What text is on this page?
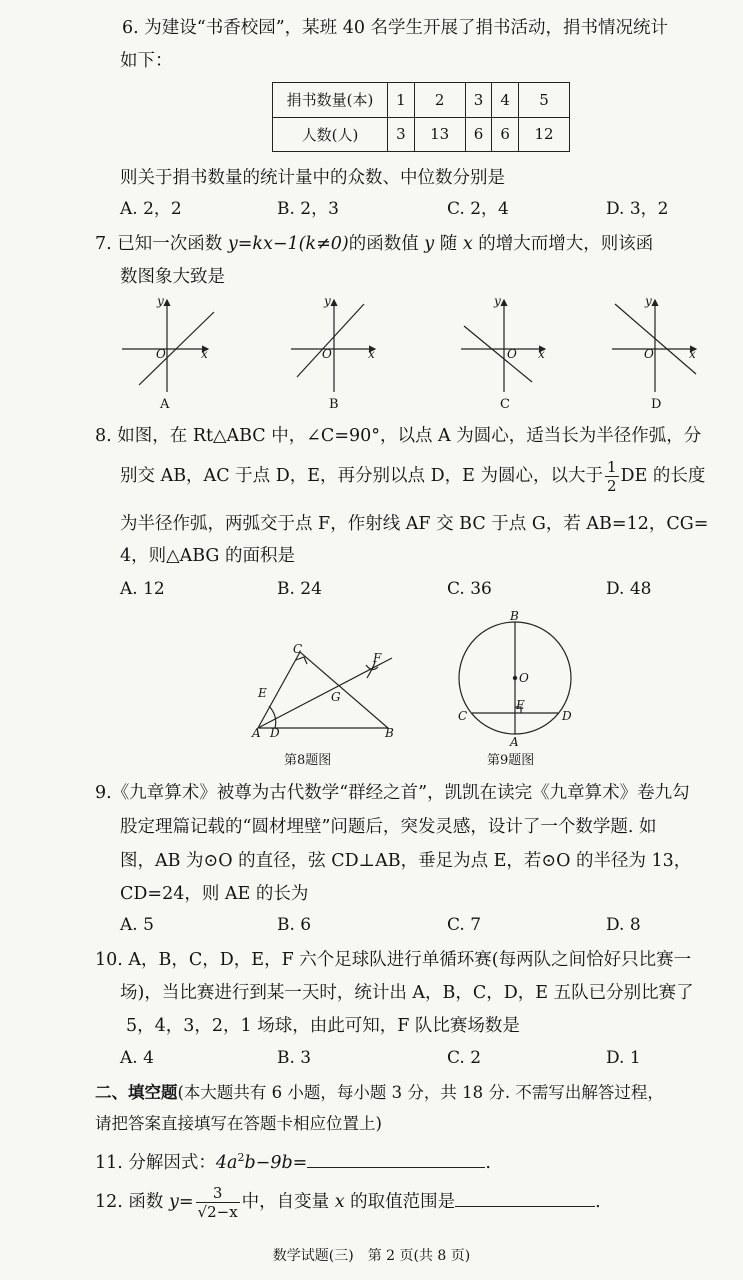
6. 为建设“书香校园”，某班 40 名学生开展了捐书活动，捐书情况统计
如下：
捐书数量(本)	1	2	3	4	5
人数(人)	3	13	6	6	12
则关于捐书数量的统计量中的众数、中位数分别是
A. 2，2	B. 2，3	C. 2，4	D. 3，2
7. 已知一次函数 y=kx−1(k≠0)的函数值 y 随 x 的增大而增大，则该函
数图象大致是
y
x
O
y
x
O
y
x
O
y
x
O
A	B	C	D
8. 如图，在 Rt△ABC 中，∠C=90°，以点 A 为圆心，适当长为半径作弧，分
别交 AB，AC 于点 D，E，再分别以点 D，E 为圆心，以大于 $\frac{1}{2}$ DE 的长度
为半径作弧，两弧交于点 F，作射线 AF 交 BC 于点 G，若 AB=12，CG=
4，则△ABG 的面积是
A. 12	B. 24	C. 36	D. 48
C
F
E	G
A D	B
第8题图
B
O
E
C	D
A
第9题图
9.《九章算术》被尊为古代数学“群经之首”，凯凯在读完《九章算术》卷九勾
股定理篇记载的“圆材埋壁”问题后，突发灵感，设计了一个数学题. 如
图，AB 为⊙O 的直径，弦 CD⊥AB，垂足为点 E，若⊙O 的半径为 13，
CD=24，则 AE 的长为
A. 5	B. 6	C. 7	D. 8
10. A，B，C，D，E，F 六个足球队进行单循环赛(每两队之间恰好只比赛一
场)，当比赛进行到某一天时，统计出 A，B，C，D，E 五队已分别比赛了
5，4，3，2，1 场球，由此可知，F 队比赛场数是
A. 4	B. 3	C. 2	D. 1
二、填空题(本大题共有 6 小题，每小题 3 分，共 18 分. 不需写出解答过程，
请把答案直接填写在答题卡相应位置上)
11. 分解因式：$4a^2b-9b=$	.
12. 函数 $y= \frac{3}{√2-x}$ 中，自变量 x 的取值范围是	.
数学试题(三)　第 2 页(共 8 页)
